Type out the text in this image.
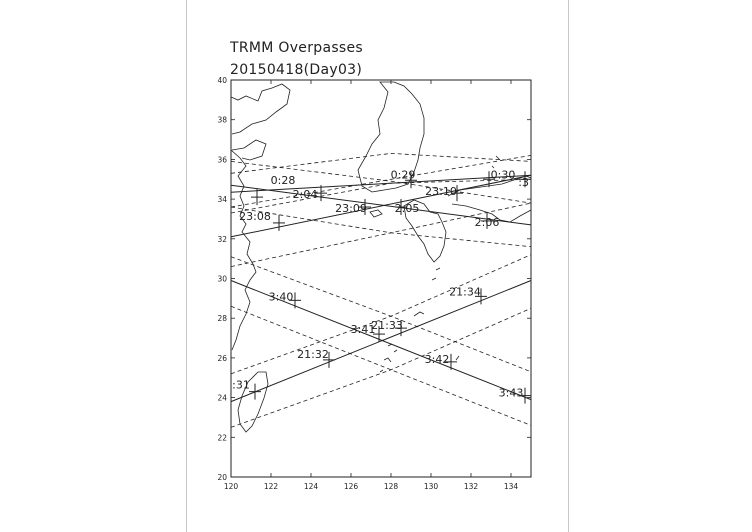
TRMM Overpasses
20150418(Day03)
0:28	0:29	0:30
:3
2:04
2:05
2:06
23:08
23:09
23:10
3:40
3:41
3:42
3:43
:31
21:32
21:33
21:34
120	122	124	126	128	130	132	134
20
22
24
26
28
30
32
34
36
38
40
